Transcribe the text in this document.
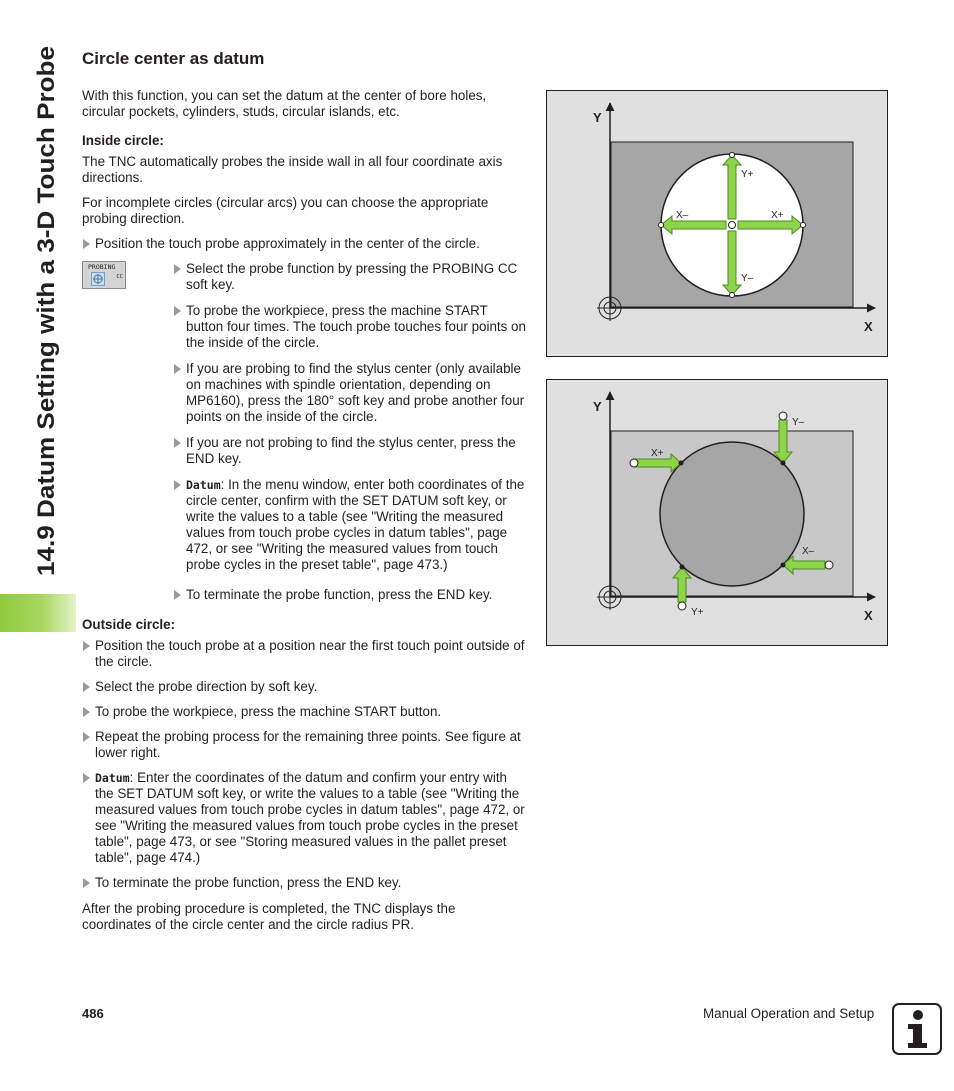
14.9 Datum Setting with a 3-D Touch Probe
Circle center as datum

With this function, you can set the datum at the center of bore holes, circular pockets, cylinders, studs, circular islands, etc.

Inside circle:

The TNC automatically probes the inside wall in all four coordinate axis directions.

For incomplete circles (circular arcs) you can choose the appropriate probing direction.

Position the touch probe approximately in the center of the circle.
PROBING
CC
Select the probe function by pressing the PROBING CC soft key.
To probe the workpiece, press the machine START button four times. The touch probe touches four points on the inside of the circle.
If you are probing to find the stylus center (only available on machines with spindle orientation, depending on MP6160), press the 180° soft key and probe another four points on the inside of the circle.
If you are not probing to find the stylus center, press the END key.
Datum: In the menu window, enter both coordinates of the circle center, confirm with the SET DATUM soft key, or write the values to a table (see "Writing the measured values from touch probe cycles in datum tables", page 472, or see "Writing the measured values from touch probe cycles in the preset table", page 473.)
To terminate the probe function, press the END key.
Outside circle:
Position the touch probe at a position near the first touch point outside of the circle.
Select the probe direction by soft key.
To probe the workpiece, press the machine START button.
Repeat the probing process for the remaining three points. See figure at lower right.
Datum: Enter the coordinates of the datum and confirm your entry with the SET DATUM soft key, or write the values to a table (see "Writing the measured values from touch probe cycles in datum tables", page 472, or see "Writing the measured values from touch probe cycles in the preset table", page 473, or see "Storing measured values in the pallet preset table", page 474.)
To terminate the probe function, press the END key.

After the probing procedure is completed, the TNC displays the coordinates of the circle center and the circle radius PR.

Y
X
Y+
Y–
X+
X–
Y
X
Y–
X+
X–
Y+
486	Manual Operation and Setup
